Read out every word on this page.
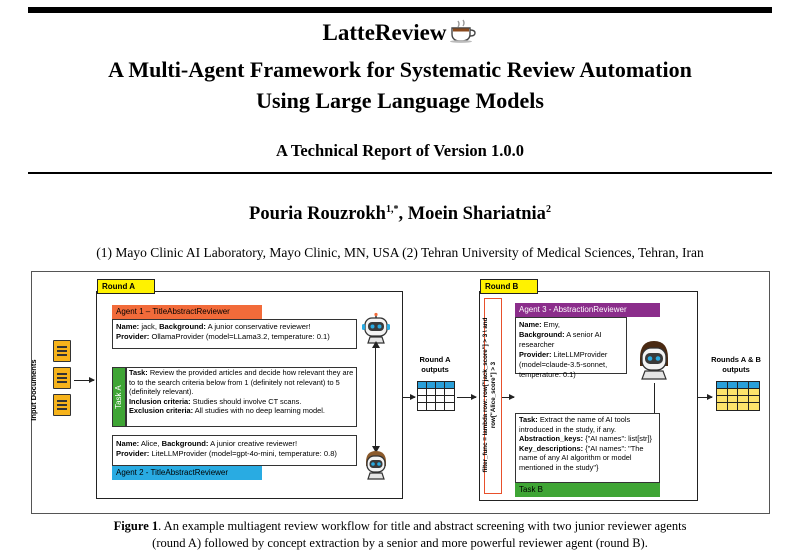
LatteReview
A Multi-Agent Framework for Systematic Review Automation
Using Large Language Models
A Technical Report of Version 1.0.0
Pouria Rouzrokh$^{1,*}$, Moein Shariatnia$^2$
(1) Mayo Clinic AI Laboratory, Mayo Clinic, MN, USA (2) Tehran University of Medical Sciences, Tehran, Iran
Input Documents
Round A
Agent 1 – TitleAbstractReviewer
Name: jack, Background: A junior conservative reviewer!
Provider: OllamaProvider (model=LLama3.2, temperature: 0.1)
Task A
Task: Review the provided articles and decide how relevant they are to to the search criteria below from 1 (definitely not relevant) to 5 (definitely relevant).
Inclusion criteria: Studies should involve CT scans.
Exclusion criteria: All studies with no deep learning model.
Name: Alice, Background: A junior creative reviewer!
Provider: LiteLLMProvider (model=gpt-4o-mini, temperature: 0.8)
Agent 2 - TitleAbstractReviewer
Round A
outputs
Round B
filter_func = lambda row: row["jack_score"] > 3 \ and row["Alice_score"] > 3
Agent 3 - AbstractionReviewer
Name: Emy,
Background: A senior AI researcher
Provider: LiteLLMProvider (model=claude-3.5-sonnet, temperature: 0.1)
Task: Extract the name of AI tools introduced in the study, if any.
Abstraction_keys: {"AI names": list[str]}
Key_descriptions: {"AI names": "The name of any AI algorithm or model mentioned in the study"}
Task B
Rounds A & B
outputs
Figure 1. An example multiagent review workflow for title and abstract screening with two junior reviewer agents
(round A) followed by concept extraction by a senior and more powerful reviewer agent (round B).
